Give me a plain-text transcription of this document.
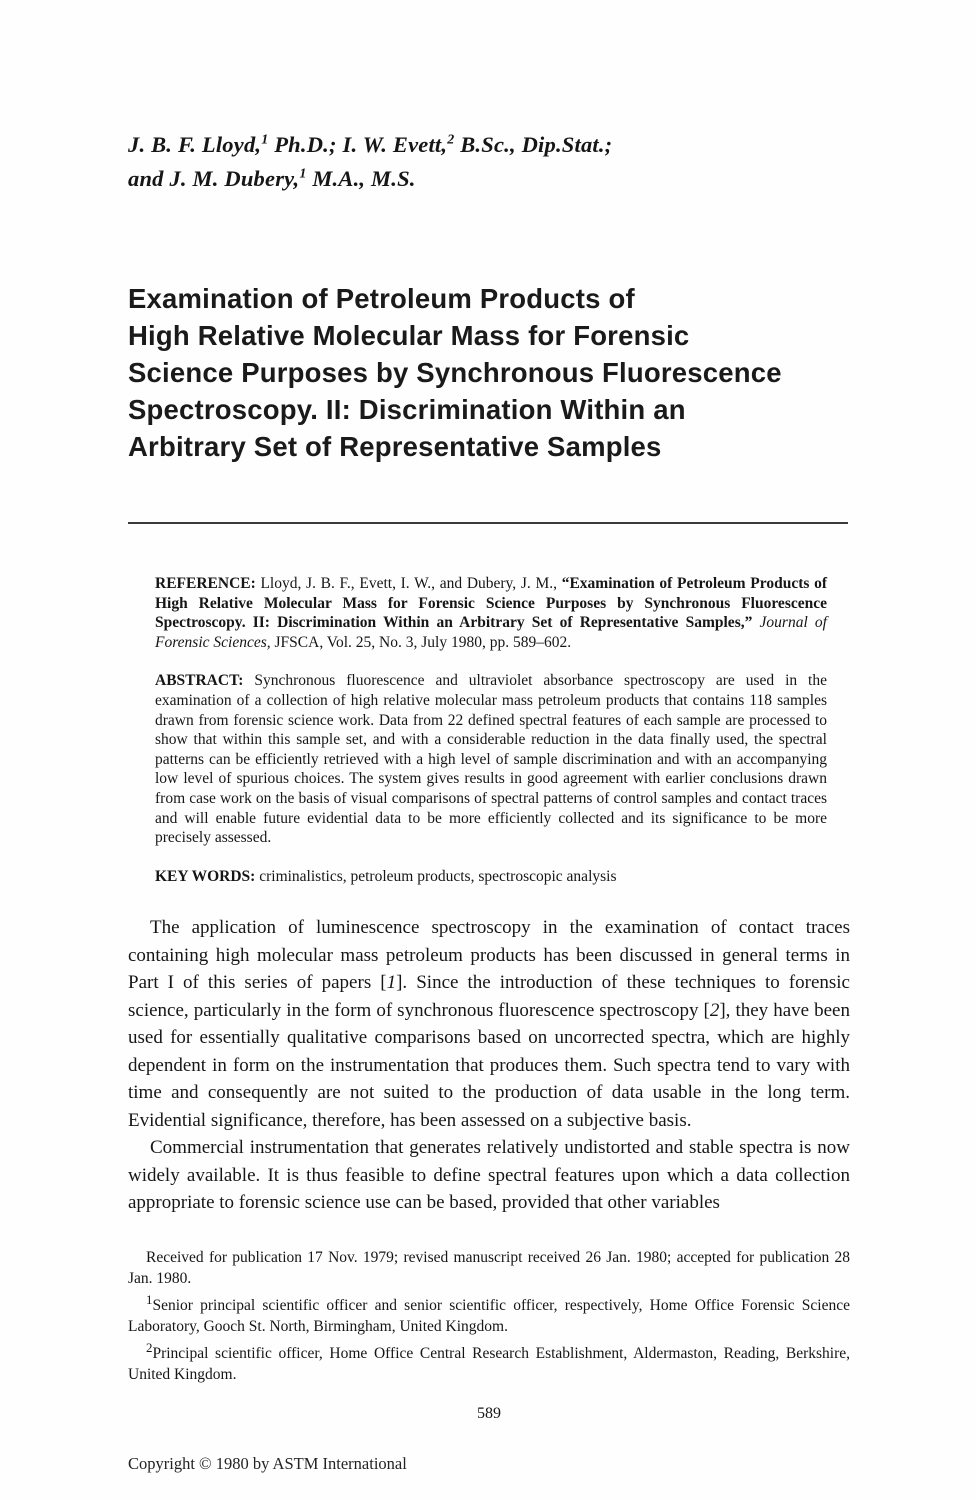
J. B. F. Lloyd,$^1$ Ph.D.; I. W. Evett,$^2$ B.Sc., Dip.Stat.;
and J. M. Dubery,$^1$ M.A., M.S.

Examination of Petroleum Products of
High Relative Molecular Mass for Forensic
Science Purposes by Synchronous Fluorescence
Spectroscopy. II: Discrimination Within an
Arbitrary Set of Representative Samples

REFERENCE: Lloyd, J. B. F., Evett, I. W., and Dubery, J. M., “Examination of Petroleum Products of High Relative Molecular Mass for Forensic Science Purposes by Synchronous Fluorescence Spectroscopy. II: Discrimination Within an Arbitrary Set of Representative Samples,” Journal of Forensic Sciences, JFSCA, Vol. 25, No. 3, July 1980, pp. 589–602.

ABSTRACT: Synchronous fluorescence and ultraviolet absorbance spectroscopy are used in the examination of a collection of high relative molecular mass petroleum products that contains 118 samples drawn from forensic science work. Data from 22 defined spectral features of each sample are processed to show that within this sample set, and with a considerable reduction in the data finally used, the spectral patterns can be efficiently retrieved with a high level of sample discrimination and with an accompanying low level of spurious choices. The system gives results in good agreement with earlier conclusions drawn from case work on the basis of visual comparisons of spectral patterns of control samples and contact traces and will enable future evidential data to be more efficiently collected and its significance to be more precisely assessed.

KEY WORDS: criminalistics, petroleum products, spectroscopic analysis

The application of luminescence spectroscopy in the examination of contact traces containing high molecular mass petroleum products has been discussed in general terms in Part I of this series of papers [1]. Since the introduction of these techniques to forensic science, particularly in the form of synchronous fluorescence spectroscopy [2], they have been used for essentially qualitative comparisons based on uncorrected spectra, which are highly dependent in form on the instrumentation that produces them. Such spectra tend to vary with time and consequently are not suited to the production of data usable in the long term. Evidential significance, therefore, has been assessed on a subjective basis.

Commercial instrumentation that generates relatively undistorted and stable spectra is now widely available. It is thus feasible to define spectral features upon which a data collection appropriate to forensic science use can be based, provided that other variables

Received for publication 17 Nov. 1979; revised manuscript received 26 Jan. 1980; accepted for publication 28 Jan. 1980.

$^1$Senior principal scientific officer and senior scientific officer, respectively, Home Office Forensic Science Laboratory, Gooch St. North, Birmingham, United Kingdom.

$^2$Principal scientific officer, Home Office Central Research Establishment, Aldermaston, Reading, Berkshire, United Kingdom.

589
Copyright © 1980 by ASTM International
